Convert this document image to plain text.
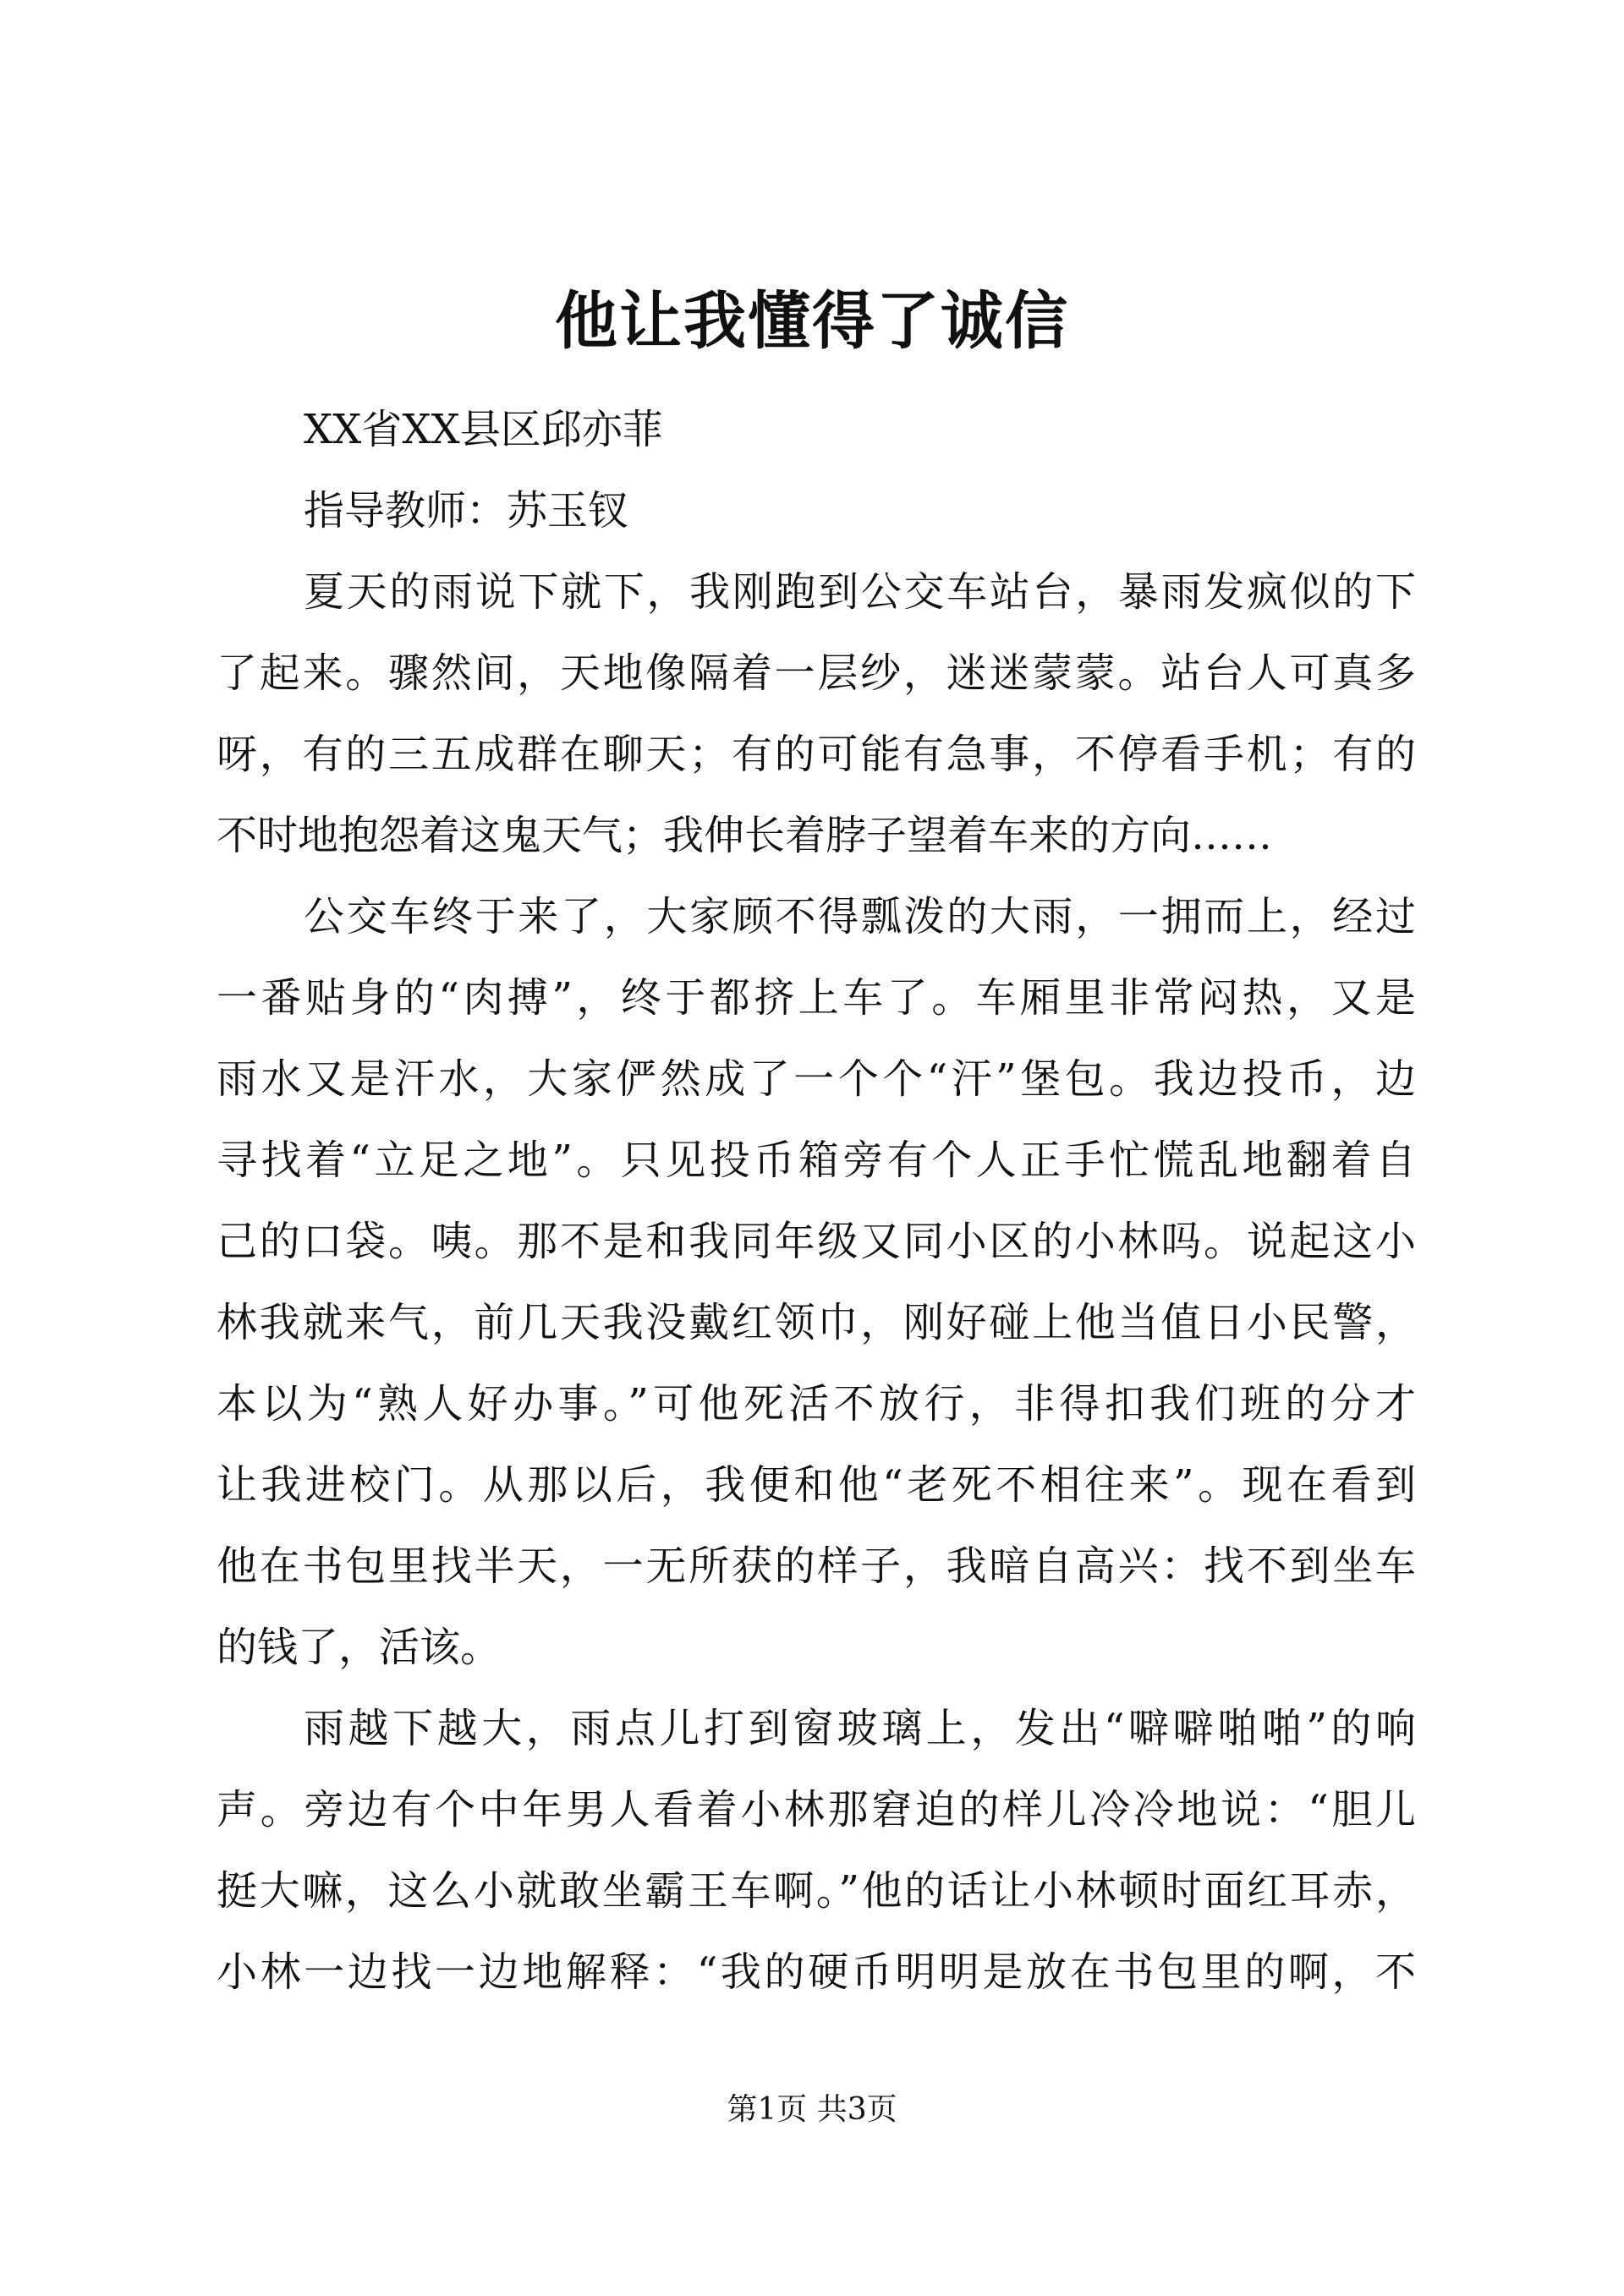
他让我懂得了诚信
XX省XX县区邱亦菲
指导教师：苏玉钗
夏天的雨说下就下，我刚跑到公交车站台，暴雨发疯似的下
了起来。骤然间，天地像隔着一层纱，迷迷蒙蒙。站台人可真多
呀，有的三五成群在聊天；有的可能有急事，不停看手机；有的
不时地抱怨着这鬼天气；我伸长着脖子望着车来的方向……
公交车终于来了，大家顾不得瓢泼的大雨，一拥而上，经过
一番贴身的“肉搏”，终于都挤上车了。车厢里非常闷热，又是
雨水又是汗水，大家俨然成了一个个“汗”堡包。我边投币，边
寻找着“立足之地”。只见投币箱旁有个人正手忙慌乱地翻着自
己的口袋。咦。那不是和我同年级又同小区的小林吗。说起这小
林我就来气，前几天我没戴红领巾，刚好碰上他当值日小民警，
本以为“熟人好办事。”可他死活不放行，非得扣我们班的分才
让我进校门。从那以后，我便和他“老死不相往来”。现在看到
他在书包里找半天，一无所获的样子，我暗自高兴：找不到坐车
的钱了，活该。
雨越下越大，雨点儿打到窗玻璃上，发出“噼噼啪啪”的响
声。旁边有个中年男人看着小林那窘迫的样儿冷冷地说：“胆儿
挺大嘛，这么小就敢坐霸王车啊。”他的话让小林顿时面红耳赤，
小林一边找一边地解释：“我的硬币明明是放在书包里的啊，不
第1页 共3页
